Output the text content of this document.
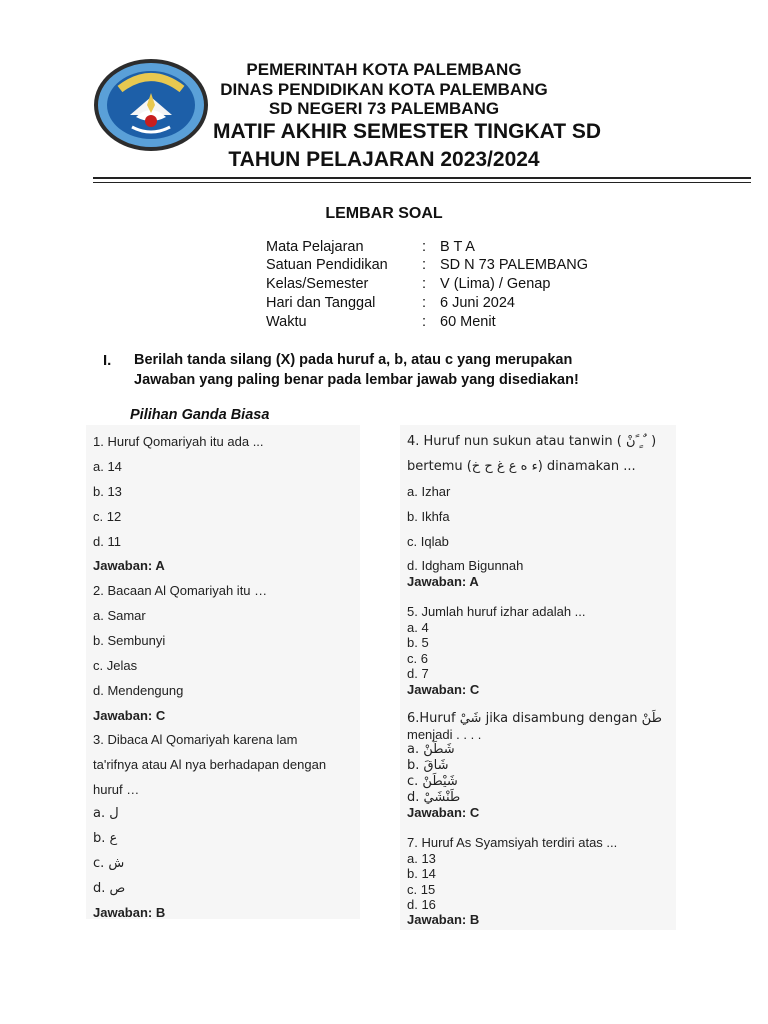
PEMERINTAH KOTA PALEMBANG
DINAS PENDIDIKAN KOTA PALEMBANG
SD NEGERI 73 PALEMBANG
MATIF AKHIR SEMESTER TINGKAT SD
TAHUN PELAJARAN 2023/2024
LEMBAR SOAL
Mata Pelajaran	: B T A
Satuan Pendidikan : SD N 73 PALEMBANG
Kelas/Semester	: V (Lima) / Genap
Hari dan Tanggal	: 6 Juni 2024
Waktu	: 60 Menit
I. Berilah tanda silang (X) pada huruf a, b, atau c yang merupakan
Jawaban yang paling benar pada lembar jawab yang disediakan!
Pilihan Ganda Biasa
1. Huruf Qomariyah itu ada ...
a. 14
b. 13
c. 12
d. 11
Jawaban: A
2. Bacaan Al Qomariyah itu …
a. Samar
b. Sembunyi
c. Jelas
d. Mendengung
Jawaban: C
3. Dibaca Al Qomariyah karena lam
ta'rifnya atau Al nya berhadapan dengan
huruf …
a. ل
b. ع
c. ش
d. ص
Jawaban: B
4. Huruf nun sukun atau tanwin ( نْ ً ٍ ٌ )
bertemu (ء ه ع غ ح خ) dinamakan ...
a. Izhar
b. Ikhfa
c. Iqlab
d. Idgham Bigunnah
Jawaban: A
5. Jumlah huruf izhar adalah ...
a. 4
b. 5
c. 6
d. 7
Jawaban: C
6.Huruf شَيْ jika disambung dengan طَنْ
menjadi . . . .
a. شَطَنْ
b. شَاقَ
c. شَيْطَنْ
d. طَنْشَيْ
Jawaban: C
7. Huruf As Syamsiyah terdiri atas ...
a. 13
b. 14
c. 15
d. 16
Jawaban: B
